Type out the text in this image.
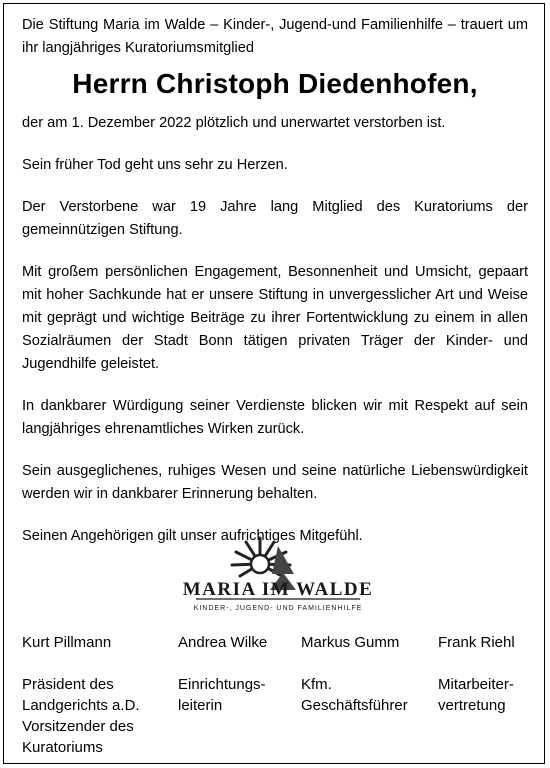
Die Stiftung Maria im Walde – Kinder-, Jugend-und Familienhilfe – trauert um ihr langjähriges Kuratoriumsmitglied

Herrn Christoph Diedenhofen,

der am 1. Dezember 2022 plötzlich und unerwartet verstorben ist.

Sein früher Tod geht uns sehr zu Herzen.

Der Verstorbene war 19 Jahre lang Mitglied des Kuratoriums der gemeinnützigen Stiftung.

Mit großem persönlichen Engagement, Besonnenheit und Umsicht, gepaart mit hoher Sachkunde hat er unsere Stiftung in unvergesslicher Art und Weise mit geprägt und wichtige Beiträge zu ihrer Fortentwicklung zu einem in allen Sozialräumen der Stadt Bonn tätigen privaten Träger der Kinder- und Jugendhilfe geleistet.

In dankbarer Würdigung seiner Verdienste blicken wir mit Respekt auf sein langjähriges ehrenamtliches Wirken zurück.

Sein ausgeglichenes, ruhiges Wesen und seine natürliche Liebenswürdigkeit werden wir in dankbarer Erinnerung behalten.

Seinen Angehörigen gilt unser aufrichtiges Mitgefühl.

MARIA IM WALDE
KINDER-, JUGEND- UND FAMILIENHILFE
Kurt Pillmann
Präsident des
Landgerichts a.D.
Vorsitzender des
Kuratoriums
Andrea Wilke
Einrichtungs-
leiterin
Markus Gumm
Kfm.
Geschäftsführer
Frank Riehl
Mitarbeiter-
vertretung
